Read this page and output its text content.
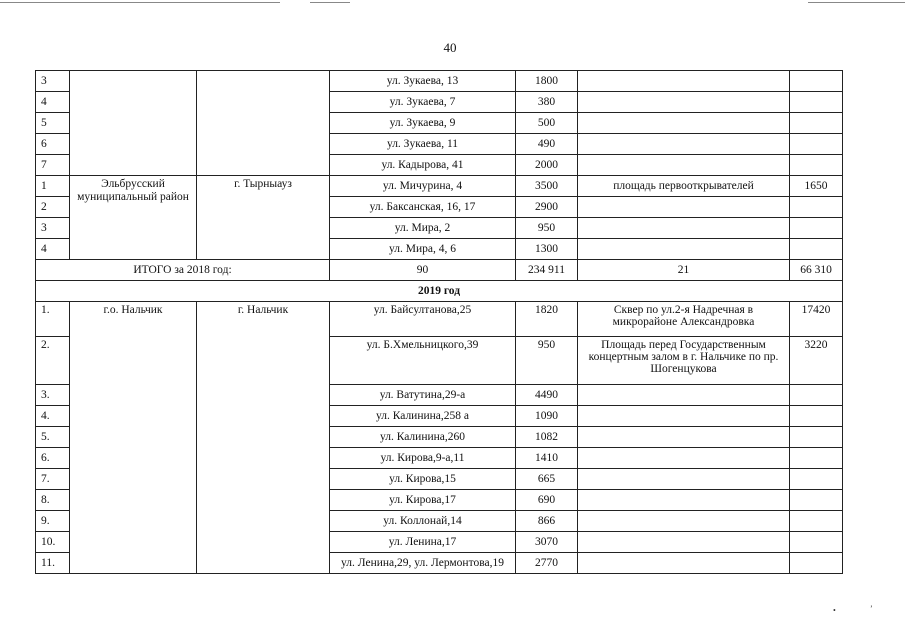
40
3			ул. Зукаева, 13	1800		
4			ул. Зукаева, 7	380		
5			ул. Зукаева, 9	500		
6			ул. Зукаева, 11	490		
7			ул. Кадырова, 41	2000		
1	Эльбрусский муниципальный район	г. Тырныауз	ул. Мичурина, 4	3500	площадь первооткрывателей	1650
2			ул. Баксанская, 16, 17	2900		
3			ул. Мира, 2	950		
4			ул. Мира, 4, 6	1300		
ИТОГО за 2018 год:			90	234 911	21	66 310
2019 год						
1.	г.о. Нальчик	г. Нальчик	ул. Байсултанова,25	1820	Сквер по ул.2-я Надречная в микрорайоне Александровка	17420
2.			ул. Б.Хмельницкого,39	950	Площадь перед Государственным концертным залом в г. Нальчике по пр. Шогенцукова	3220
3.			ул. Ватутина,29-а	4490		
4.			ул. Калинина,258 а	1090		
5.			ул. Калинина,260	1082		
6.			ул. Кирова,9-а,11	1410		
7.			ул. Кирова,15	665		
8.			ул. Кирова,17	690		
9.			ул. Коллонай,14	866		
10.			ул. Ленина,17	3070		
11.			ул. Ленина,29, ул. Лермонтова,19	2770		
•	’
